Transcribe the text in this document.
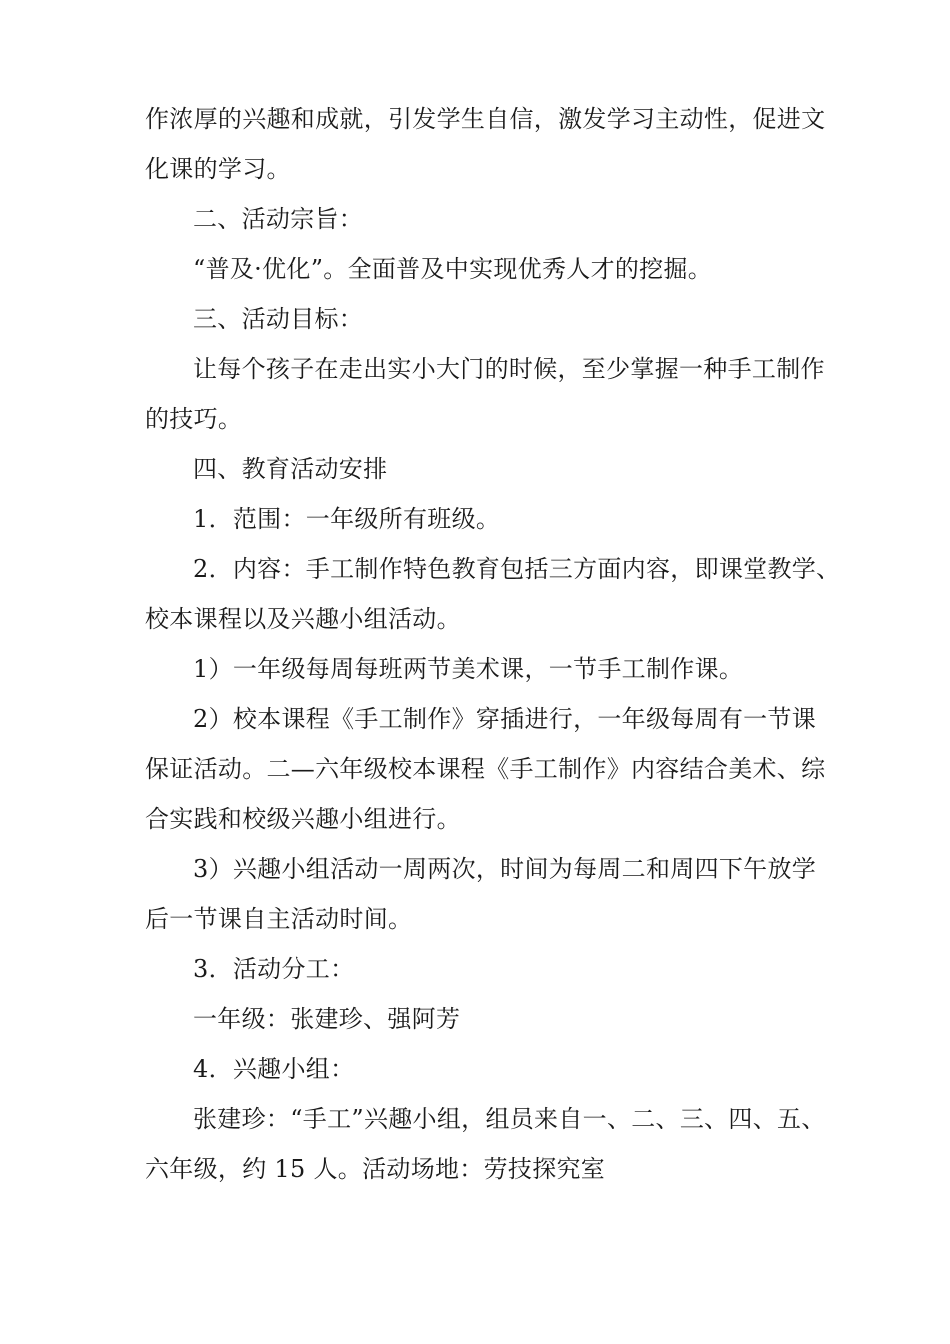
作浓厚的兴趣和成就，引发学生自信，激发学习主动性，促进文
化课的学习。
二、活动宗旨：
“普及·优化”。全面普及中实现优秀人才的挖掘。
三、活动目标：
让每个孩子在走出实小大门的时候，至少掌握一种手工制作
的技巧。
四、教育活动安排
1．范围：一年级所有班级。
2．内容：手工制作特色教育包括三方面内容，即课堂教学、
校本课程以及兴趣小组活动。
1）一年级每周每班两节美术课，一节手工制作课。
2）校本课程《手工制作》穿插进行，一年级每周有一节课
保证活动。二—六年级校本课程《手工制作》内容结合美术、综
合实践和校级兴趣小组进行。
3）兴趣小组活动一周两次，时间为每周二和周四下午放学
后一节课自主活动时间。
3．活动分工：
一年级：张建珍、强阿芳
4．兴趣小组：
张建珍：“手工”兴趣小组，组员来自一、二、三、四、五、
六年级，约 15 人。活动场地：劳技探究室
